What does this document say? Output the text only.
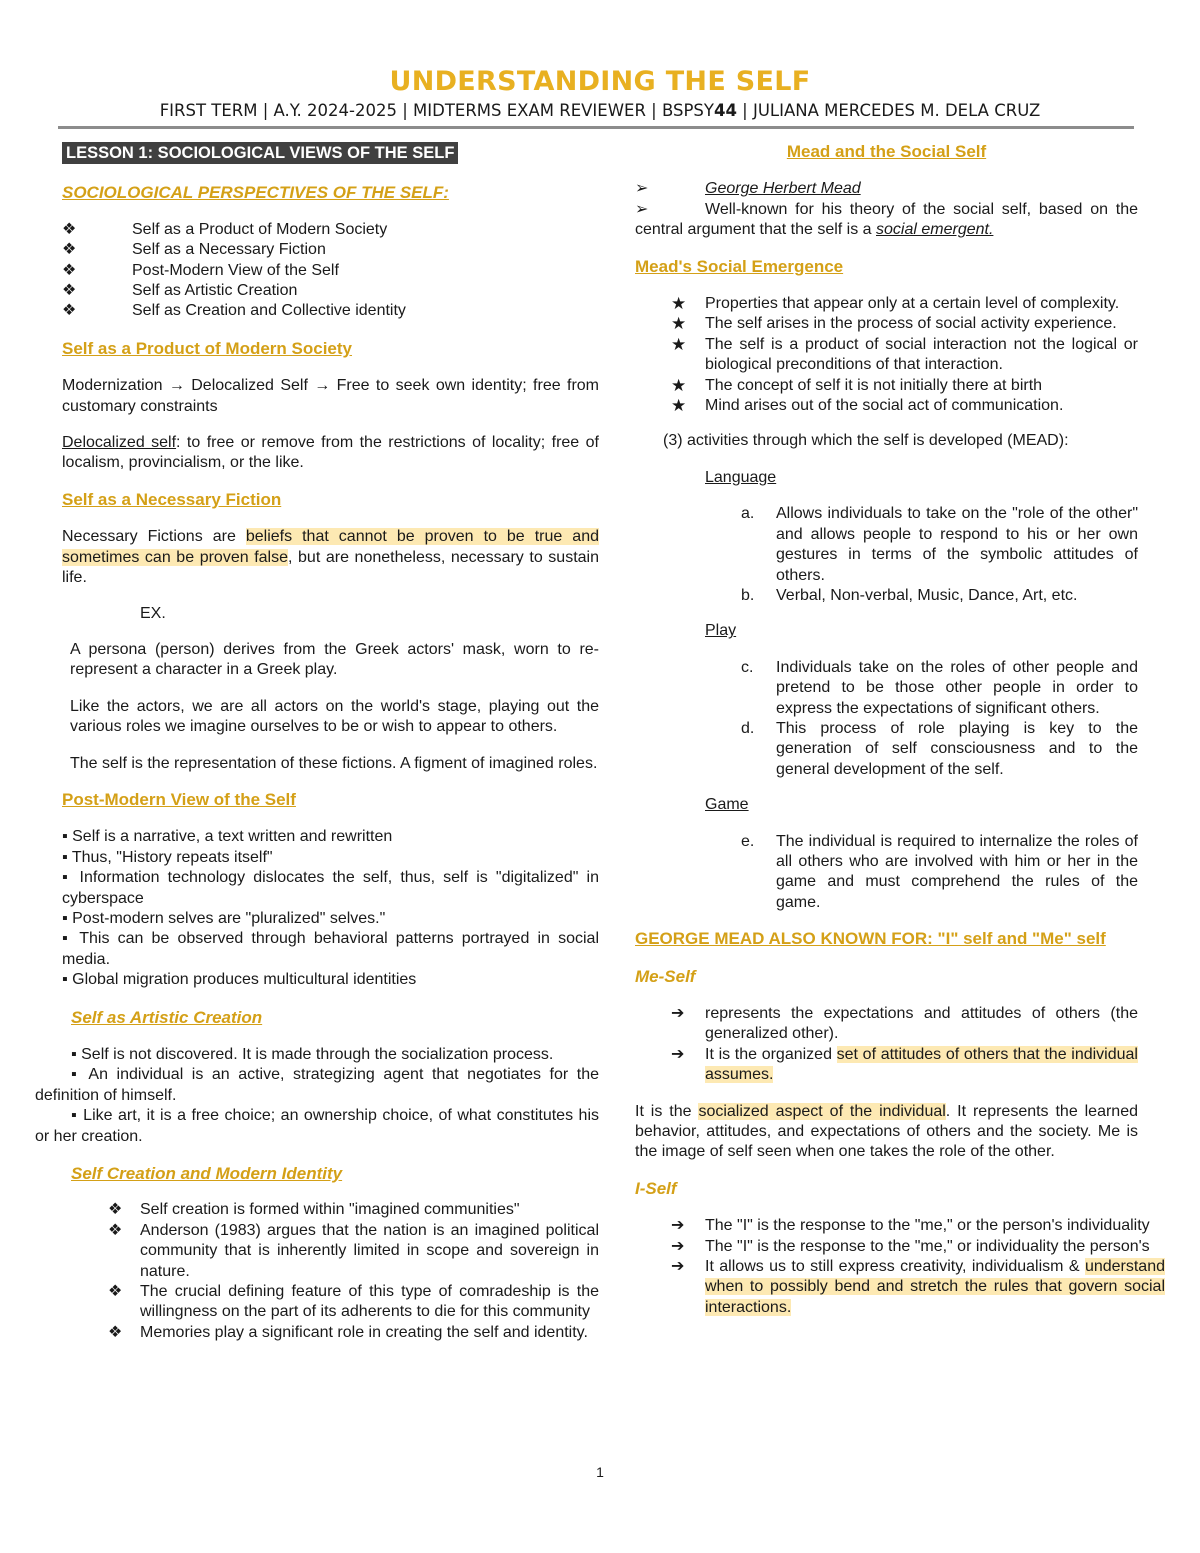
UNDERSTANDING THE SELF
FIRST TERM | A.Y. 2024-2025 | MIDTERMS EXAM REVIEWER | BSPSY44 | JULIANA MERCEDES M. DELA CRUZ
LESSON 1: SOCIOLOGICAL VIEWS OF THE SELF

SOCIOLOGICAL PERSPECTIVES OF THE SELF:

❖	Self as a Product of Modern Society
❖	Self as a Necessary Fiction
❖	Post-Modern View of the Self
❖	Self as Artistic Creation
❖	Self as Creation and Collective identity

Self as a Product of Modern Society

Modernization → Delocalized Self → Free to seek own identity; free from customary constraints

Delocalized self: to free or remove from the restrictions of locality; free of localism, provincialism, or the like.

Self as a Necessary Fiction

Necessary Fictions are beliefs that cannot be proven to be true and sometimes can be proven false, but are nonetheless, necessary to sustain life.

EX.

A persona (person) derives from the Greek actors' mask, worn to re-represent a character in a Greek play.

Like the actors, we are all actors on the world's stage, playing out the various roles we imagine ourselves to be or wish to appear to others.

The self is the representation of these fictions. A figment of imagined roles.

Post-Modern View of the Self

▪ Self is a narrative, a text written and rewritten

▪ Thus, "History repeats itself"

▪ Information technology dislocates the self, thus, self is "digitalized" in cyberspace

▪ Post-modern selves are "pluralized" selves."

▪ This can be observed through behavioral patterns portrayed in social media.

▪ Global migration produces multicultural identities

Self as Artistic Creation

▪ Self is not discovered. It is made through the socialization process.

▪ An individual is an active, strategizing agent that negotiates for the definition of himself.

▪ Like art, it is a free choice; an ownership choice, of what constitutes his or her creation.

Self Creation and Modern Identity

❖ Self creation is formed within "imagined communities"
❖ Anderson (1983) argues that the nation is an imagined political community that is inherently limited in scope and sovereign in nature.
❖ The crucial defining feature of this type of comradeship is the willingness on the part of its adherents to die for this community
❖ Memories play a significant role in creating the self and identity.

Mead and the Social Self

➢	George Herbert Mead

➢	Well-known for his theory of the social self, based on the central argument that the self is a social emergent.

Mead's Social Emergence

★ Properties that appear only at a certain level of complexity.
★ The self arises in the process of social activity experience.
★ The self is a product of social interaction not the logical or biological preconditions of that interaction.
★ The concept of self it is not initially there at birth
★ Mind arises out of the social act of communication.

(3) activities through which the self is developed (MEAD):

Language

a. Allows individuals to take on the "role of the other" and allows people to respond to his or her own gestures in terms of the symbolic attitudes of others.
b. Verbal, Non-verbal, Music, Dance, Art, etc.

Play

c. Individuals take on the roles of other people and pretend to be those other people in order to express the expectations of significant others.
d. This process of role playing is key to the generation of self consciousness and to the general development of the self.

Game

e. The individual is required to internalize the roles of all others who are involved with him or her in the game and must comprehend the rules of the game.

GEORGE MEAD ALSO KNOWN FOR: "I" self and "Me" self

Me-Self

➔ represents the expectations and attitudes of others (the generalized other).
➔ It is the organized set of attitudes of others that the individual assumes.

It is the socialized aspect of the individual. It represents the learned behavior, attitudes, and expectations of others and the society. Me is the image of self seen when one takes the role of the other.

I-Self

➔ The "I" is the response to the "me," or the person's individuality
➔ The "I" is the response to the "me," or individuality the person's
➔ It allows us to still express creativity, individualism & understand when to possibly bend and stretch the rules that govern social interactions.
1
